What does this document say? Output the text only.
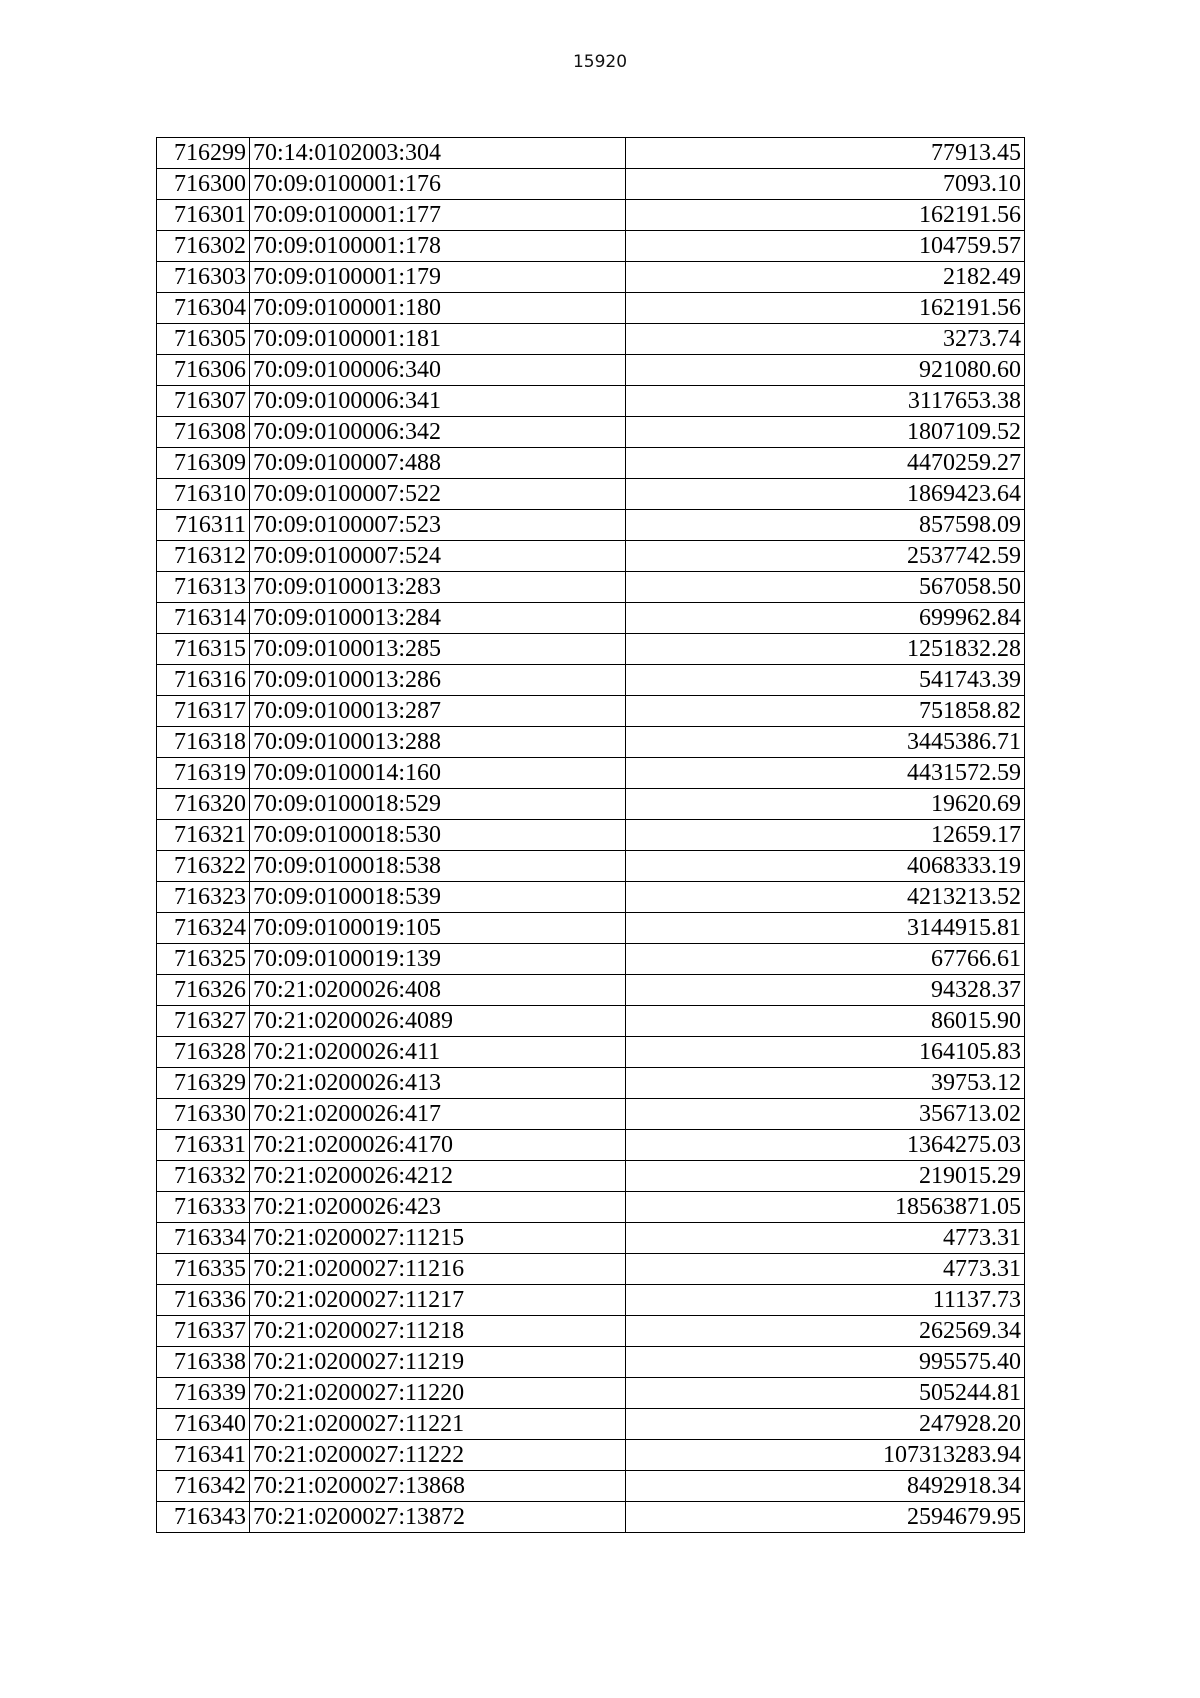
15920
716299	70:14:0102003:304	77913.45
716300	70:09:0100001:176	7093.10
716301	70:09:0100001:177	162191.56
716302	70:09:0100001:178	104759.57
716303	70:09:0100001:179	2182.49
716304	70:09:0100001:180	162191.56
716305	70:09:0100001:181	3273.74
716306	70:09:0100006:340	921080.60
716307	70:09:0100006:341	3117653.38
716308	70:09:0100006:342	1807109.52
716309	70:09:0100007:488	4470259.27
716310	70:09:0100007:522	1869423.64
716311	70:09:0100007:523	857598.09
716312	70:09:0100007:524	2537742.59
716313	70:09:0100013:283	567058.50
716314	70:09:0100013:284	699962.84
716315	70:09:0100013:285	1251832.28
716316	70:09:0100013:286	541743.39
716317	70:09:0100013:287	751858.82
716318	70:09:0100013:288	3445386.71
716319	70:09:0100014:160	4431572.59
716320	70:09:0100018:529	19620.69
716321	70:09:0100018:530	12659.17
716322	70:09:0100018:538	4068333.19
716323	70:09:0100018:539	4213213.52
716324	70:09:0100019:105	3144915.81
716325	70:09:0100019:139	67766.61
716326	70:21:0200026:408	94328.37
716327	70:21:0200026:4089	86015.90
716328	70:21:0200026:411	164105.83
716329	70:21:0200026:413	39753.12
716330	70:21:0200026:417	356713.02
716331	70:21:0200026:4170	1364275.03
716332	70:21:0200026:4212	219015.29
716333	70:21:0200026:423	18563871.05
716334	70:21:0200027:11215	4773.31
716335	70:21:0200027:11216	4773.31
716336	70:21:0200027:11217	11137.73
716337	70:21:0200027:11218	262569.34
716338	70:21:0200027:11219	995575.40
716339	70:21:0200027:11220	505244.81
716340	70:21:0200027:11221	247928.20
716341	70:21:0200027:11222	107313283.94
716342	70:21:0200027:13868	8492918.34
716343	70:21:0200027:13872	2594679.95
